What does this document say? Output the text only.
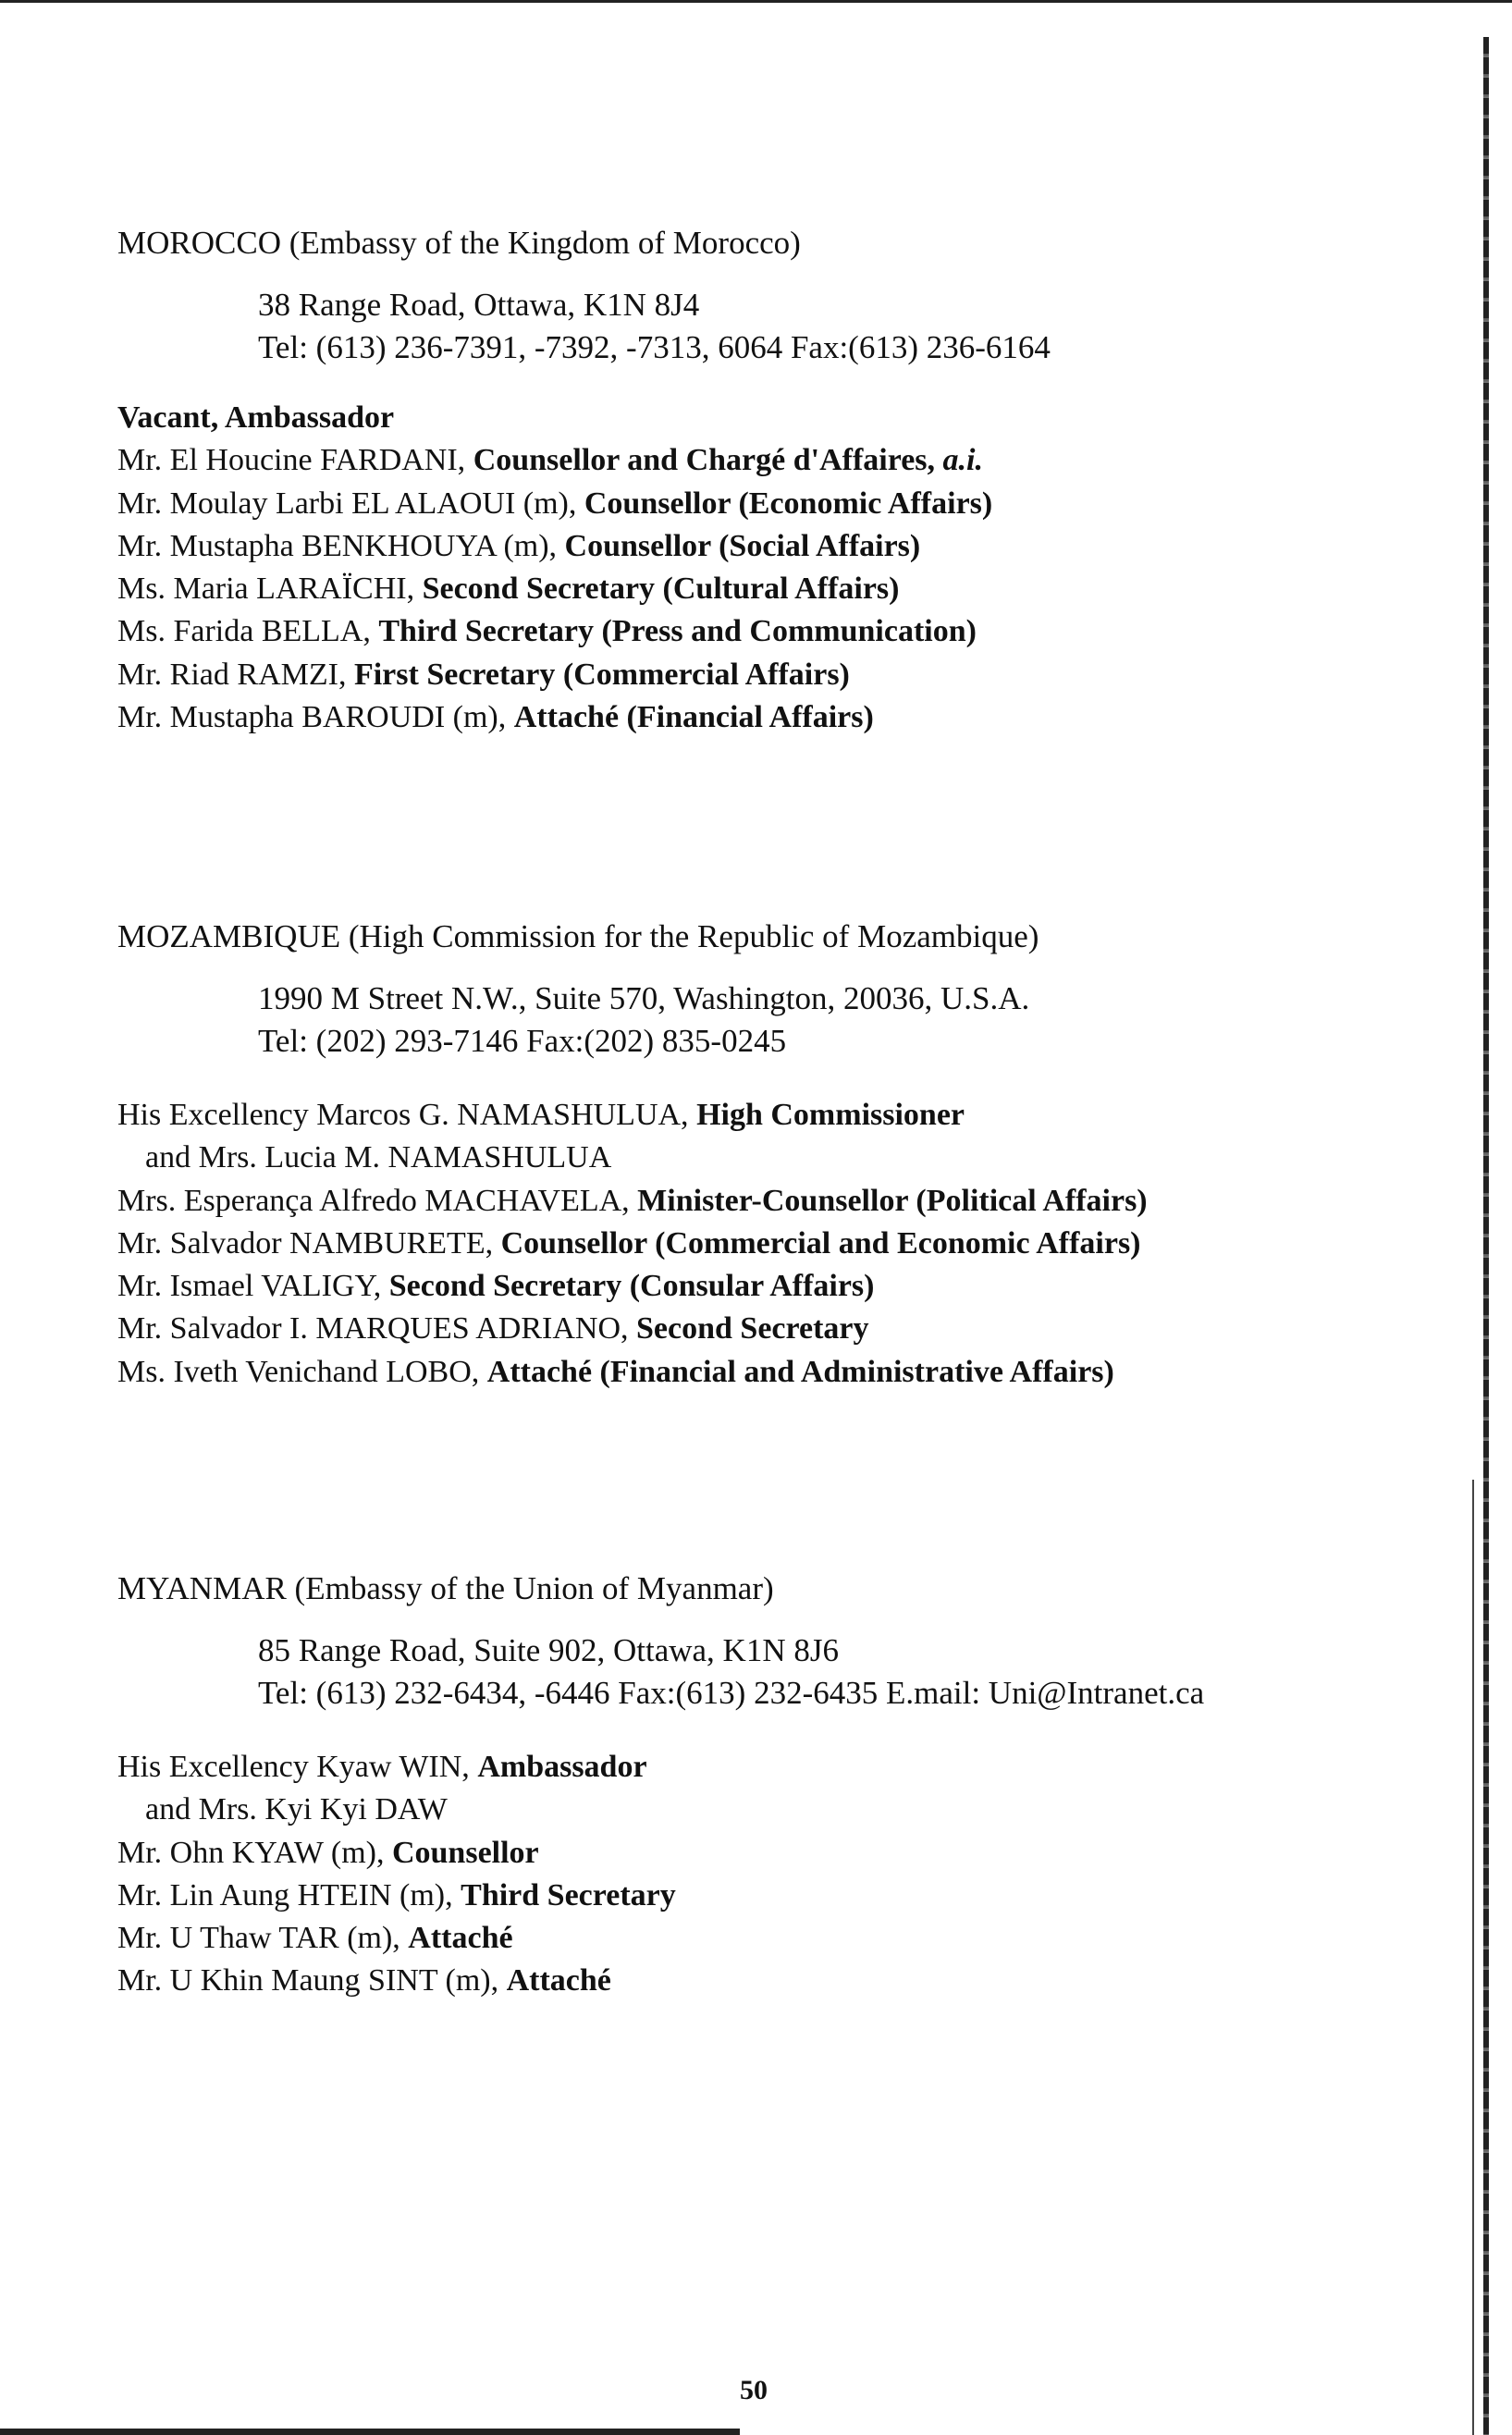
MOROCCO (Embassy of the Kingdom of Morocco)
38 Range Road, Ottawa, K1N 8J4
Tel: (613) 236-7391, -7392, -7313, 6064 Fax:(613) 236-6164
Vacant, Ambassador
Mr. El Houcine FARDANI, Counsellor and Chargé d'Affaires, a.i.
Mr. Moulay Larbi EL ALAOUI (m), Counsellor (Economic Affairs)
Mr. Mustapha BENKHOUYA (m), Counsellor (Social Affairs)
Ms. Maria LARAÏCHI, Second Secretary (Cultural Affairs)
Ms. Farida BELLA, Third Secretary (Press and Communication)
Mr. Riad RAMZI, First Secretary (Commercial Affairs)
Mr. Mustapha BAROUDI (m), Attaché (Financial Affairs)
MOZAMBIQUE (High Commission for the Republic of Mozambique)
1990 M Street N.W., Suite 570, Washington, 20036, U.S.A.
Tel: (202) 293-7146 Fax:(202) 835-0245
His Excellency Marcos G. NAMASHULUA, High Commissioner
and Mrs. Lucia M. NAMASHULUA
Mrs. Esperança Alfredo MACHAVELA, Minister-Counsellor (Political Affairs)
Mr. Salvador NAMBURETE, Counsellor (Commercial and Economic Affairs)
Mr. Ismael VALIGY, Second Secretary (Consular Affairs)
Mr. Salvador I. MARQUES ADRIANO, Second Secretary
Ms. Iveth Venichand LOBO, Attaché (Financial and Administrative Affairs)
MYANMAR (Embassy of the Union of Myanmar)
85 Range Road, Suite 902, Ottawa, K1N 8J6
Tel: (613) 232-6434, -6446 Fax:(613) 232-6435 E.mail: Uni@Intranet.ca
His Excellency Kyaw WIN, Ambassador
and Mrs. Kyi Kyi DAW
Mr. Ohn KYAW (m), Counsellor
Mr. Lin Aung HTEIN (m), Third Secretary
Mr. U Thaw TAR (m), Attaché
Mr. U Khin Maung SINT (m), Attaché
50
